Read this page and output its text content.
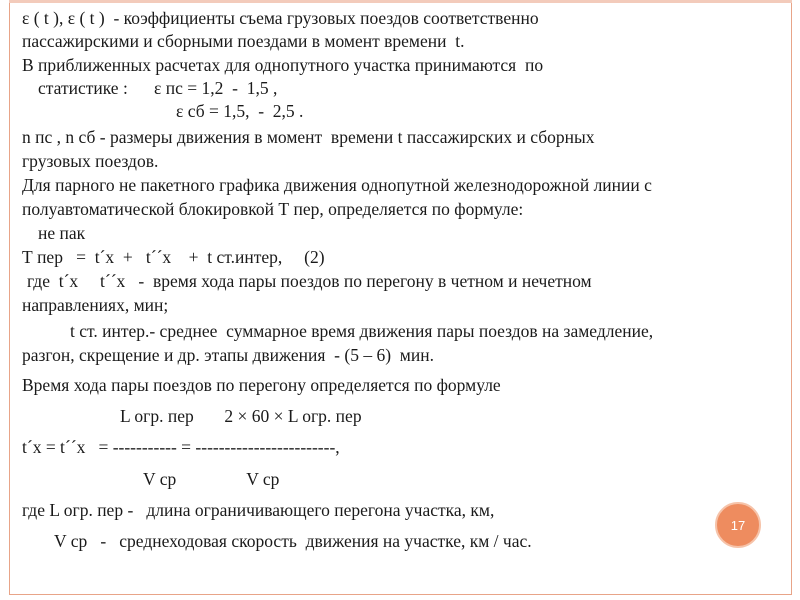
ε ( t ), ε ( t )  - коэффициенты съема грузовых поездов соответственно
пассажирскими и сборными поездами в момент времени  t.
В приближенных расчетах для однопутного участка принимаются  по
статистике :      ε пс = 1,2  -  1,5 ,
ε сб = 1,5,  -  2,5 .
n пс , n сб - размеры движения в момент  времени t пассажирских и сборных
грузовых поездов.
Для парного не пакетного графика движения однопутной железнодорожной линии с
полуавтоматической блокировкой Т пер, определяется по формуле:
не пак
Т пер   =  t´x  +   t´´x    +  t ст.интер,     (2)
где  t´x     t´´x   -  время хода пары поездов по перегону в четном и нечетном
направлениях, мин;
t ст. интер.- среднее  суммарное время движения пары поездов на замедление,
разгон, скрещение и др. этапы движения  - (5 – 6)  мин.
Время хода пары поездов по перегону определяется по формуле
L огр. пер       2 × 60 × L огр. пер
t´x = t´´x   = ----------- = ------------------------,
V ср                V ср
где L огр. пер -   длина ограничивающего перегона участка, км,
V ср   -   среднеходовая скорость  движения на участке, км / час.
17
